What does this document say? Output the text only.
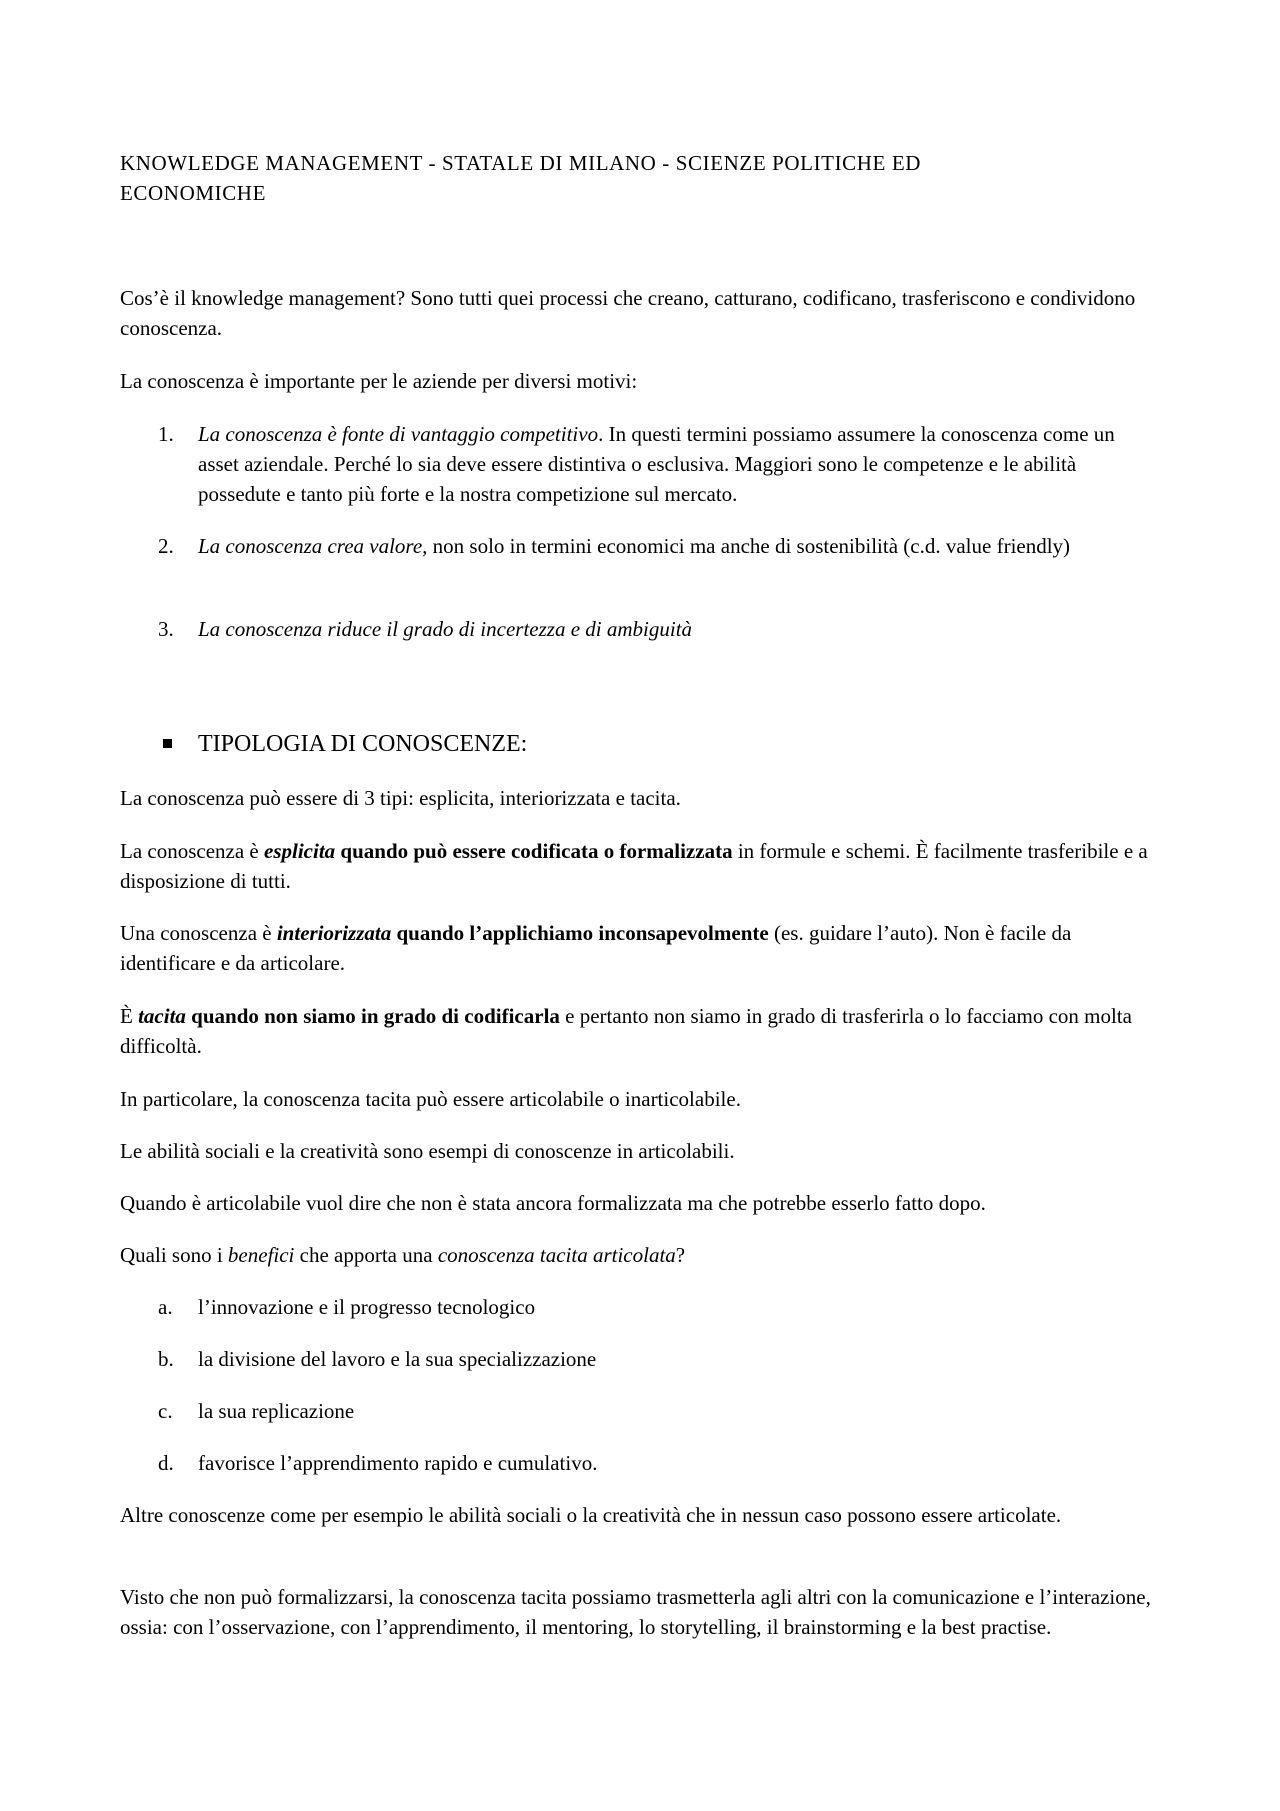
KNOWLEDGE MANAGEMENT - STATALE DI MILANO - SCIENZE POLITICHE ED
ECONOMICHE
Cos’è il knowledge management? Sono tutti quei processi che creano, catturano, codificano, trasferiscono e condividono conoscenza.
La conoscenza è importante per le aziende per diversi motivi:
1.	La conoscenza è fonte di vantaggio competitivo. In questi termini possiamo assumere la conoscenza come un asset aziendale. Perché lo sia deve essere distintiva o esclusiva. Maggiori sono le competenze e le abilità possedute e tanto più forte e la nostra competizione sul mercato.
2.	La conoscenza crea valore, non solo in termini economici ma anche di sostenibilità (c.d. value friendly)
3.	La conoscenza riduce il grado di incertezza e di ambiguità
TIPOLOGIA DI CONOSCENZE:
La conoscenza può essere di 3 tipi: esplicita, interiorizzata e tacita.
La conoscenza è esplicita quando può essere codificata o formalizzata in formule e schemi. È facilmente trasferibile e a disposizione di tutti.
Una conoscenza è interiorizzata quando l’applichiamo inconsapevolmente (es. guidare l’auto). Non è facile da identificare e da articolare.
È tacita quando non siamo in grado di codificarla e pertanto non siamo in grado di trasferirla o lo facciamo con molta difficoltà.
In particolare, la conoscenza tacita può essere articolabile o inarticolabile.
Le abilità sociali e la creatività sono esempi di conoscenze in articolabili.
Quando è articolabile vuol dire che non è stata ancora formalizzata ma che potrebbe esserlo fatto dopo.
Quali sono i benefici che apporta una conoscenza tacita articolata?
a.	l’innovazione e il progresso tecnologico
b.	la divisione del lavoro e la sua specializzazione
c.	la sua replicazione
d.	favorisce l’apprendimento rapido e cumulativo.
Altre conoscenze come per esempio le abilità sociali o la creatività che in nessun caso possono essere articolate.
Visto che non può formalizzarsi, la conoscenza tacita possiamo trasmetterla agli altri con la comunicazione e l’interazione, ossia: con l’osservazione, con l’apprendimento, il mentoring, lo storytelling, il brainstorming e la best practise.
